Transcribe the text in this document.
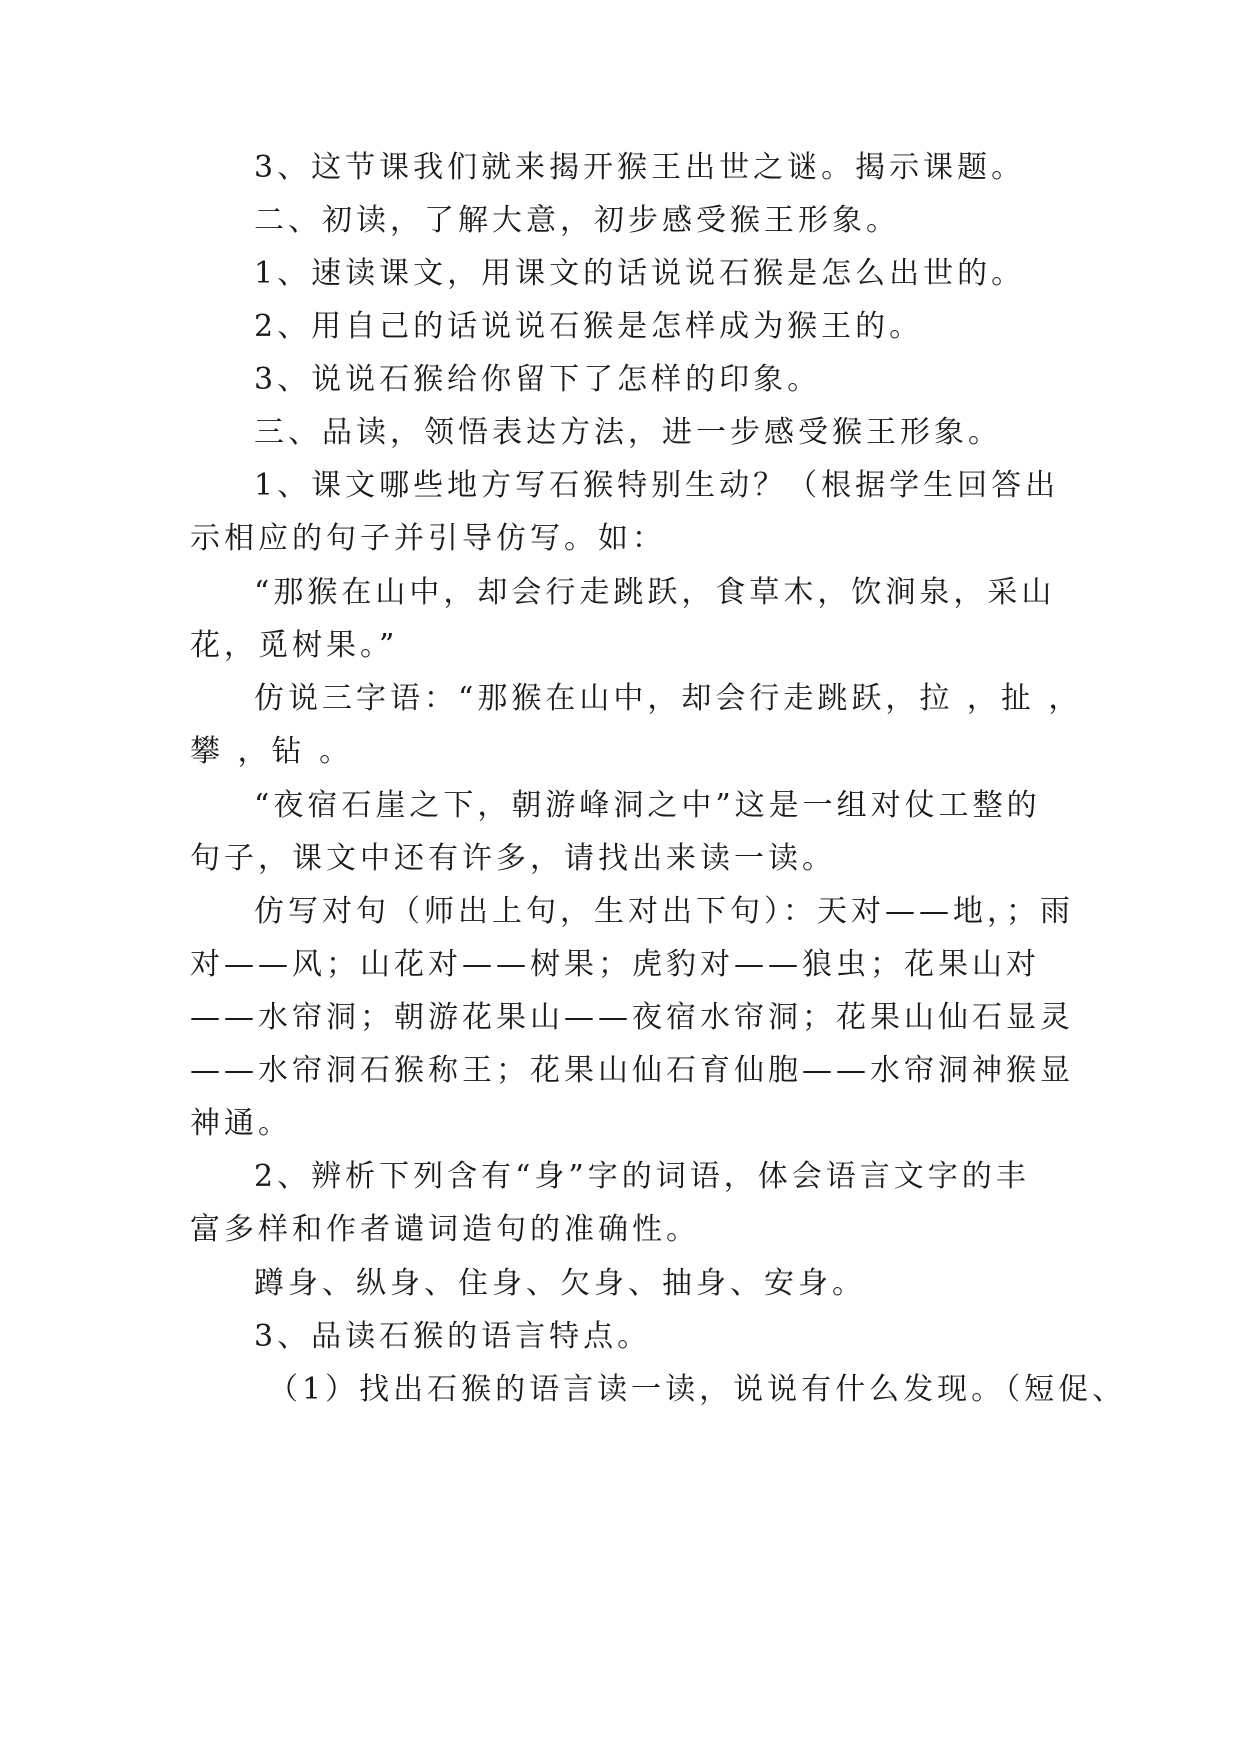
3、这节课我们就来揭开猴王出世之谜。揭示课题。
二、初读，了解大意，初步感受猴王形象。
1、速读课文，用课文的话说说石猴是怎么出世的。
2、用自己的话说说石猴是怎样成为猴王的。
3、说说石猴给你留下了怎样的印象。
三、品读，领悟表达方法，进一步感受猴王形象。
1、课文哪些地方写石猴特别生动？（根据学生回答出
示相应的句子并引导仿写。如：
“那猴在山中，却会行走跳跃，食草木，饮涧泉，采山
花，觅树果。”
仿说三字语：“那猴在山中，却会行走跳跃，拉 ，扯 ，
攀 ，钻 。
“夜宿石崖之下，朝游峰洞之中”这是一组对仗工整的
句子，课文中还有许多，请找出来读一读。
仿写对句（师出上句，生对出下句）：天对——地，；雨
对——风；山花对——树果；虎豹对——狼虫；花果山对
——水帘洞；朝游花果山——夜宿水帘洞；花果山仙石显灵
——水帘洞石猴称王；花果山仙石育仙胞——水帘洞神猴显
神通。
2、辨析下列含有“身”字的词语，体会语言文字的丰
富多样和作者谴词造句的准确性。
蹲身、纵身、住身、欠身、抽身、安身。
3、品读石猴的语言特点。
（1）找出石猴的语言读一读，说说有什么发现。（短促、
